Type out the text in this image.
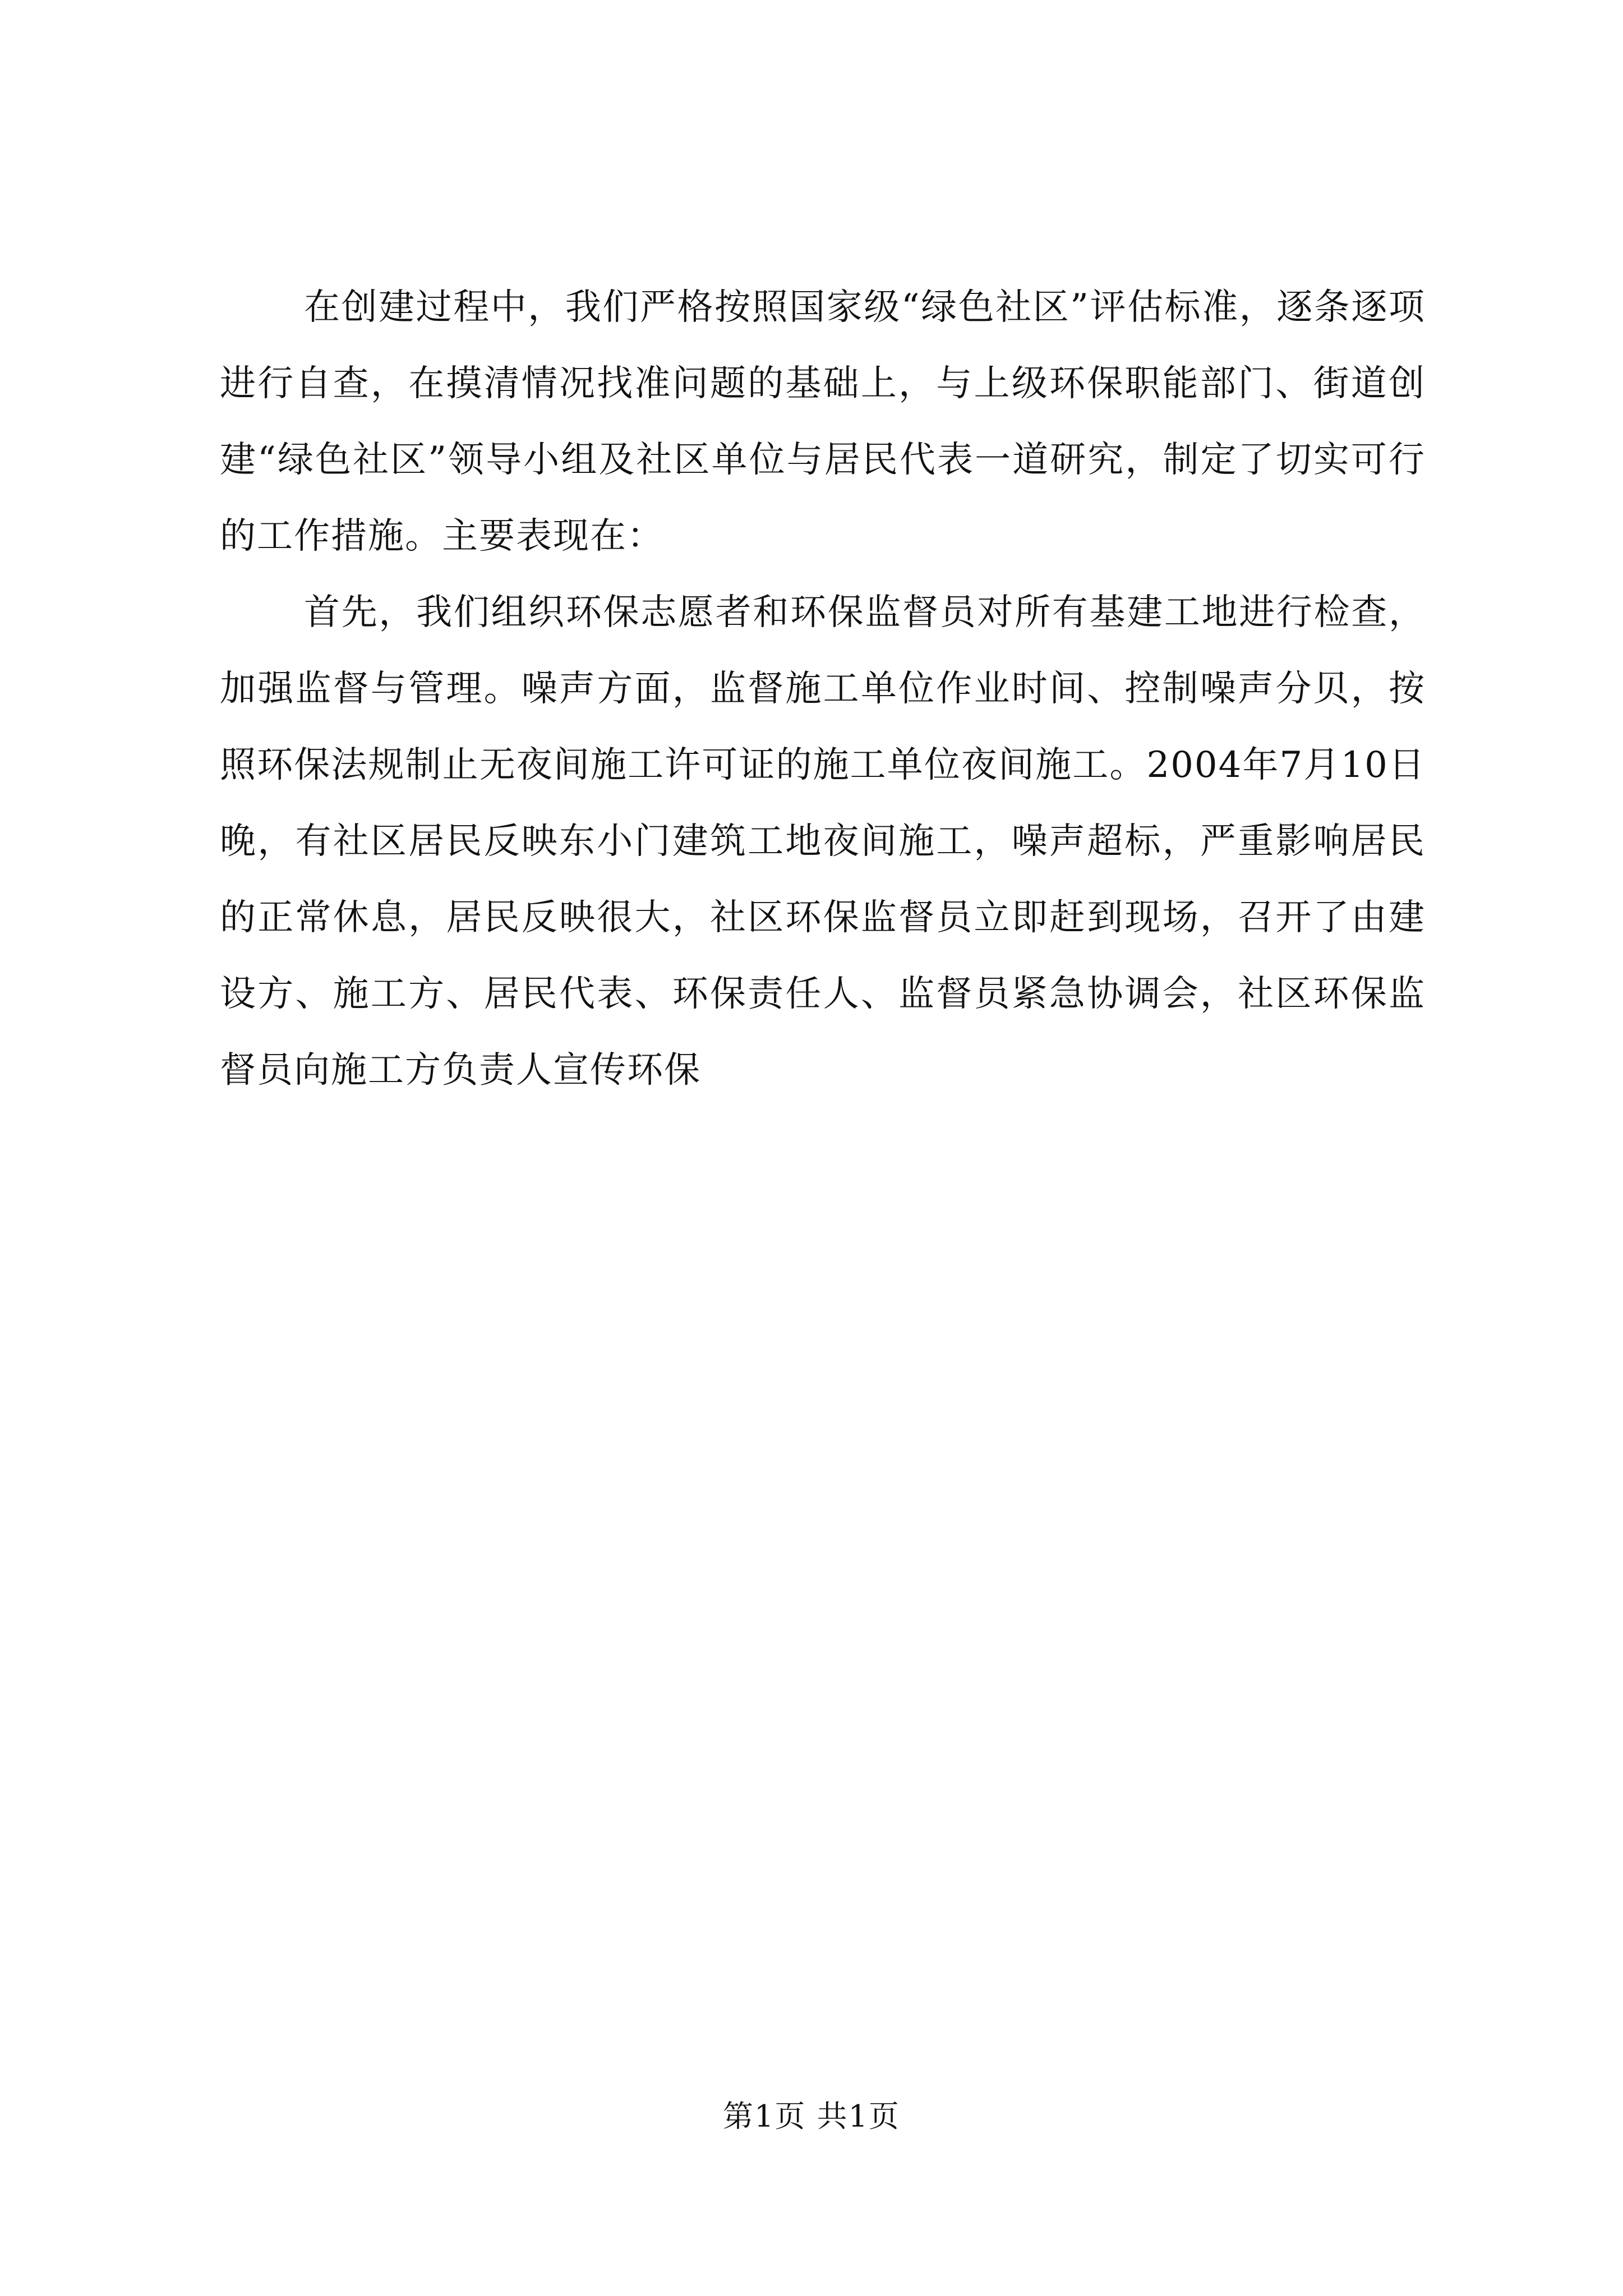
在创建过程中，我们严格按照国家级“绿色社区”评估标准，逐条逐项进行自查，在摸清情况找准问题的基础上，与上级环保职能部门、街道创建“绿色社区”领导小组及社区单位与居民代表一道研究，制定了切实可行的工作措施。主要表现在：

首先，我们组织环保志愿者和环保监督员对所有基建工地进行检查，加强监督与管理。噪声方面，监督施工单位作业时间、控制噪声分贝，按照环保法规制止无夜间施工许可证的施工单位夜间施工。2004年7月10日晚，有社区居民反映东小门建筑工地夜间施工，噪声超标，严重影响居民的正常休息，居民反映很大，社区环保监督员立即赶到现场，召开了由建设方、施工方、居民代表、环保责任人、监督员紧急协调会，社区环保监督员向施工方负责人宣传环保

第1页 共1页
